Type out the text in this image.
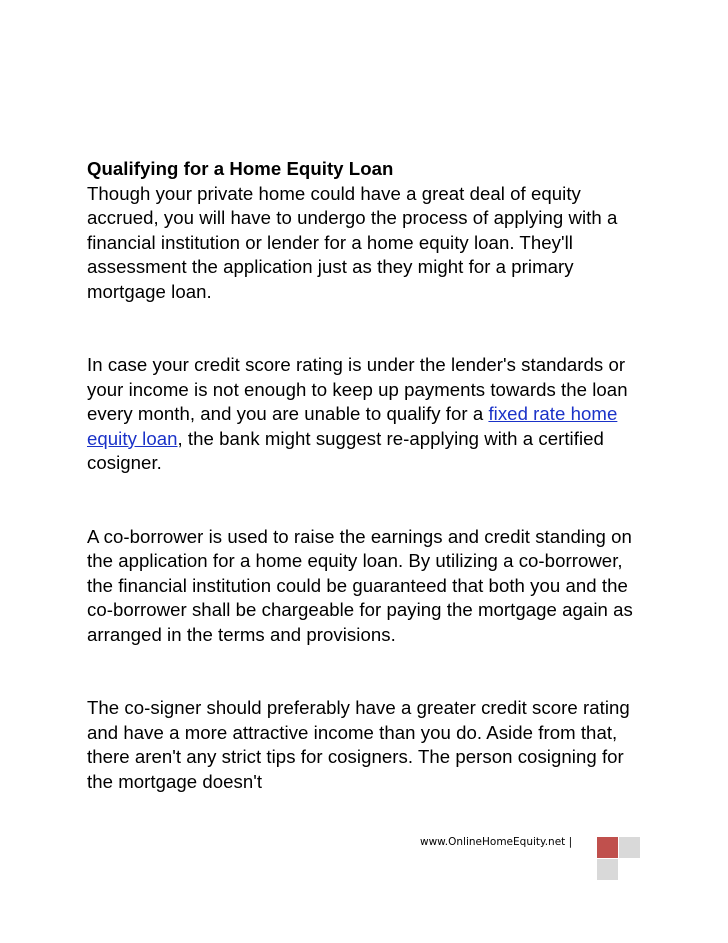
Qualifying for a Home Equity Loan
Though your private home could have a great deal of equity accrued, you will have to undergo the process of applying with a financial institution or lender for a home equity loan. They'll assessment the application just as they might for a primary mortgage loan.

In case your credit score rating is under the lender's standards or your income is not enough to keep up payments towards the loan every month, and you are unable to qualify for a fixed rate home equity loan, the bank might suggest re-applying with a certified cosigner.

A co-borrower is used to raise the earnings and credit standing on the application for a home equity loan. By utilizing a co-borrower, the financial institution could be guaranteed that both you and the co-borrower shall be chargeable for paying the mortgage again as arranged in the terms and provisions.

The co-signer should preferably have a greater credit score rating and have a more attractive income than you do. Aside from that, there aren't any strict tips for cosigners. The person cosigning for the mortgage doesn't

www.OnlineHomeEquity.net |
